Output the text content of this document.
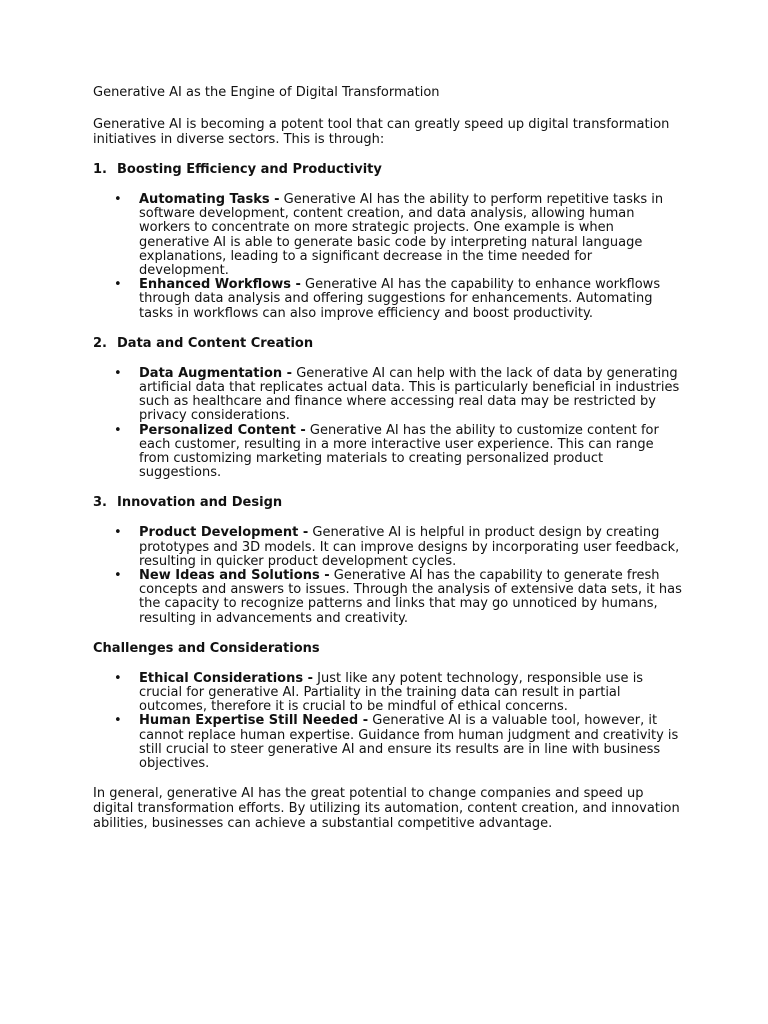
Generative AI as the Engine of Digital Transformation

Generative AI is becoming a potent tool that can greatly speed up digital transformation initiatives in diverse sectors. This is through:

1. Boosting Efficiency and Productivity

• Automating Tasks - Generative AI has the ability to perform repetitive tasks in software development, content creation, and data analysis, allowing human workers to concentrate on more strategic projects. One example is when generative AI is able to generate basic code by interpreting natural language explanations, leading to a significant decrease in the time needed for development.
• Enhanced Workflows - Generative AI has the capability to enhance workflows through data analysis and offering suggestions for enhancements. Automating tasks in workflows can also improve efficiency and boost productivity.

2. Data and Content Creation

• Data Augmentation - Generative AI can help with the lack of data by generating artificial data that replicates actual data. This is particularly beneficial in industries such as healthcare and finance where accessing real data may be restricted by privacy considerations.
• Personalized Content - Generative AI has the ability to customize content for each customer, resulting in a more interactive user experience. This can range from customizing marketing materials to creating personalized product suggestions.

3. Innovation and Design

• Product Development - Generative AI is helpful in product design by creating prototypes and 3D models. It can improve designs by incorporating user feedback, resulting in quicker product development cycles.
• New Ideas and Solutions - Generative AI has the capability to generate fresh concepts and answers to issues. Through the analysis of extensive data sets, it has the capacity to recognize patterns and links that may go unnoticed by humans, resulting in advancements and creativity.

Challenges and Considerations

• Ethical Considerations - Just like any potent technology, responsible use is crucial for generative AI. Partiality in the training data can result in partial outcomes, therefore it is crucial to be mindful of ethical concerns.
• Human Expertise Still Needed - Generative AI is a valuable tool, however, it cannot replace human expertise. Guidance from human judgment and creativity is still crucial to steer generative AI and ensure its results are in line with business objectives.

In general, generative AI has the great potential to change companies and speed up digital transformation efforts. By utilizing its automation, content creation, and innovation abilities, businesses can achieve a substantial competitive advantage.
